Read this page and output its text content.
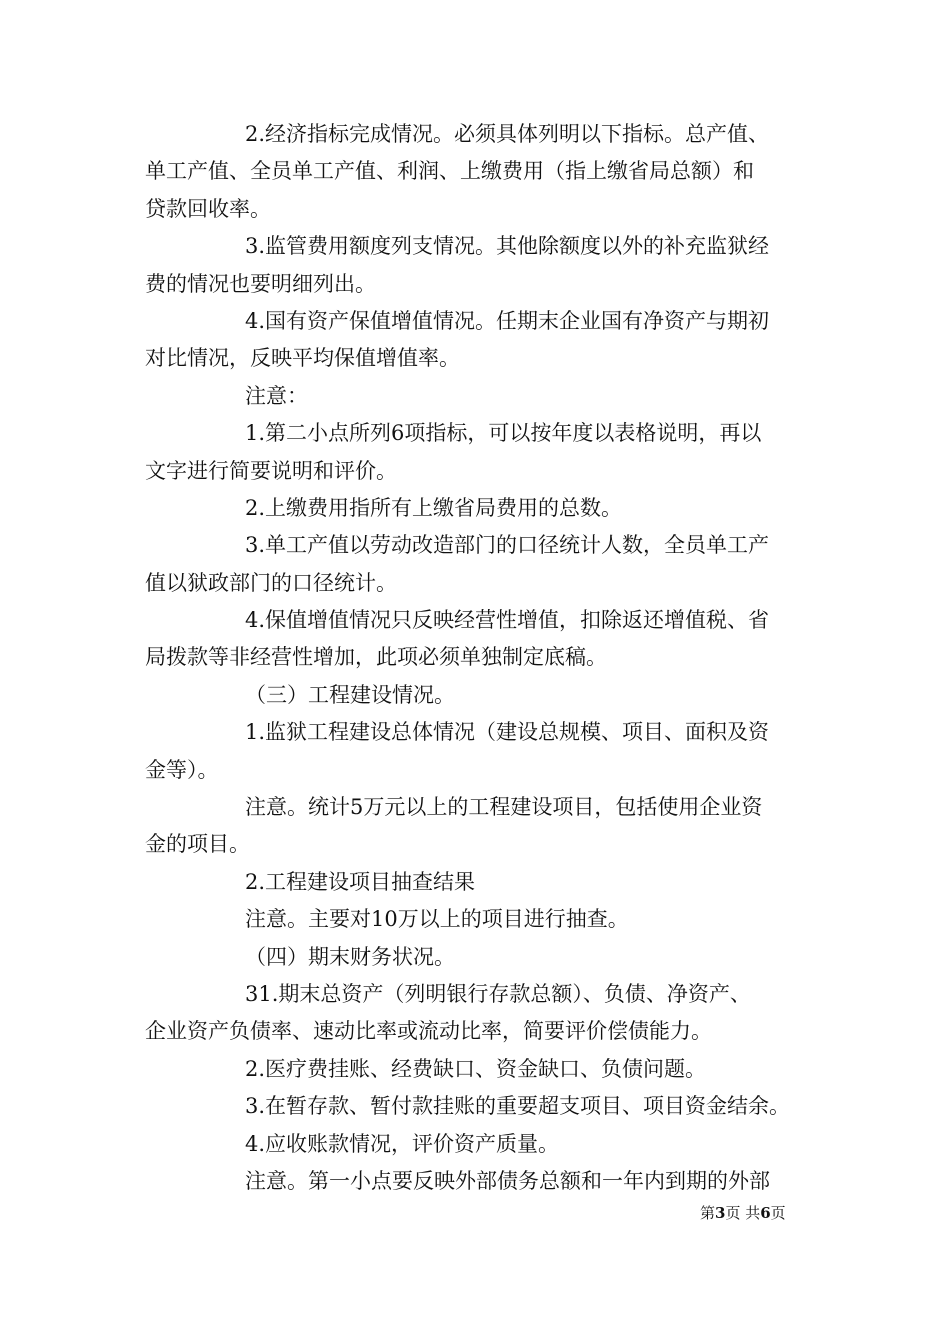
2.经济指标完成情况。必须具体列明以下指标。总产值、
单工产值、全员单工产值、利润、上缴费用（指上缴省局总额）和
贷款回收率。
3.监管费用额度列支情况。其他除额度以外的补充监狱经
费的情况也要明细列出。
4.国有资产保值增值情况。任期末企业国有净资产与期初
对比情况，反映平均保值增值率。
注意：
1.第二小点所列6项指标，可以按年度以表格说明，再以
文字进行简要说明和评价。
2.上缴费用指所有上缴省局费用的总数。
3.单工产值以劳动改造部门的口径统计人数，全员单工产
值以狱政部门的口径统计。
4.保值增值情况只反映经营性增值，扣除返还增值税、省
局拨款等非经营性增加，此项必须单独制定底稿。
（三）工程建设情况。
1.监狱工程建设总体情况（建设总规模、项目、面积及资
金等）。
注意。统计5万元以上的工程建设项目，包括使用企业资
金的项目。
2.工程建设项目抽查结果
注意。主要对10万以上的项目进行抽查。
（四）期末财务状况。
31.期末总资产（列明银行存款总额）、负债、净资产、
企业资产负债率、速动比率或流动比率，简要评价偿债能力。
2.医疗费挂账、经费缺口、资金缺口、负债问题。
3.在暂存款、暂付款挂账的重要超支项目、项目资金结余。
4.应收账款情况，评价资产质量。
注意。第一小点要反映外部债务总额和一年内到期的外部
第3页 共6页
